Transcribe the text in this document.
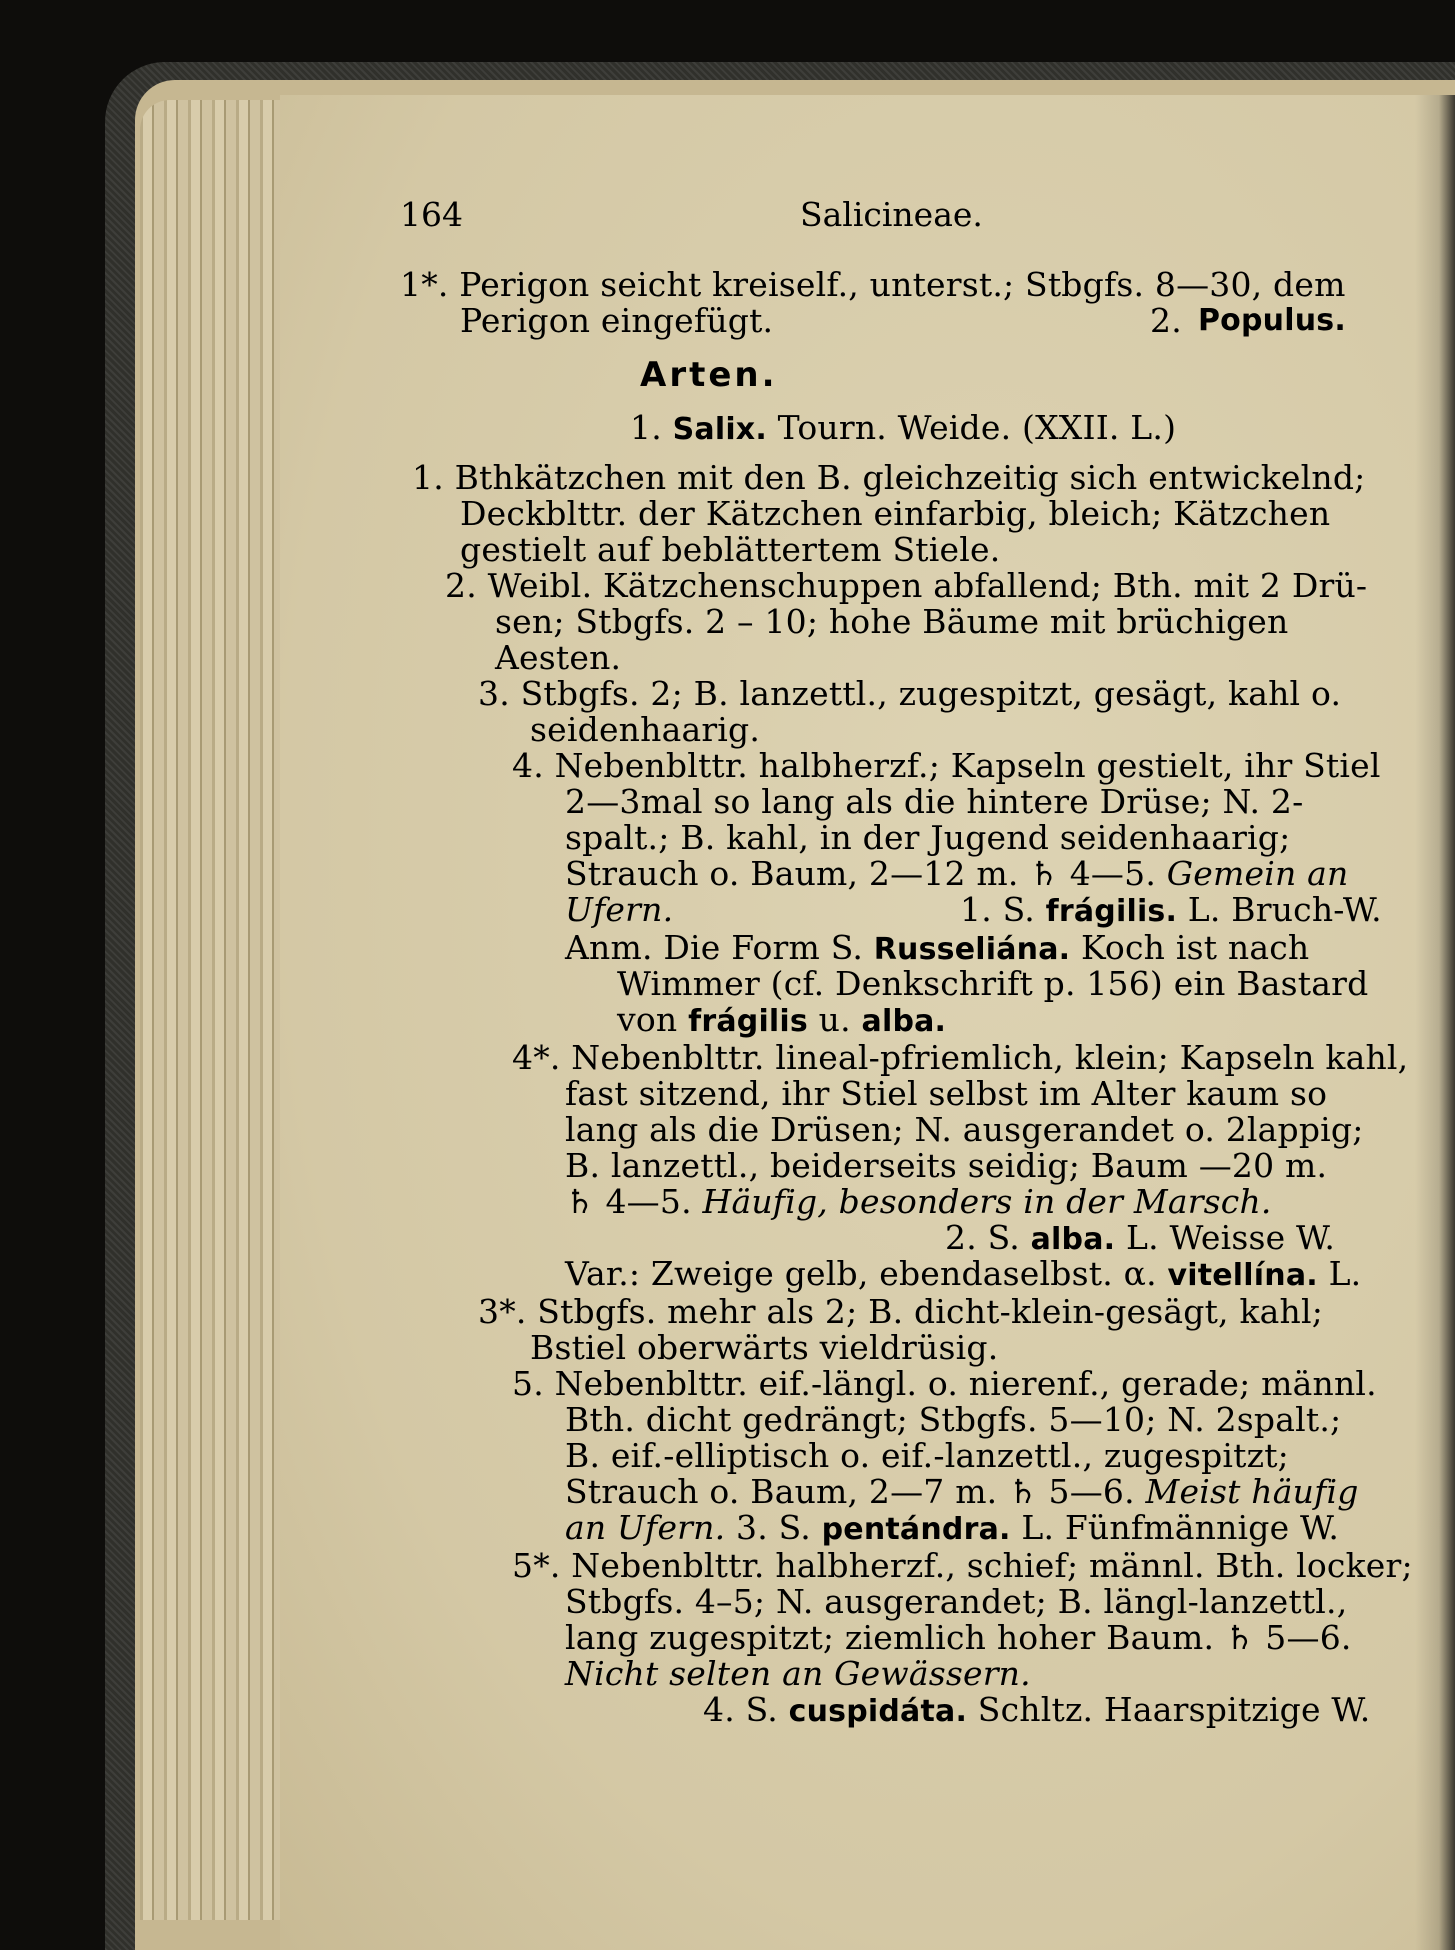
164	Salicineae.
1*. Perigon seicht kreiself., unterst.; Stbgfs. 8—30, dem
Perigon eingefügt.	2. Populus.
Arten.
1. Salix. Tourn. Weide. (XXII. L.)
1. Bthkätzchen mit den B. gleichzeitig sich entwickelnd;
Deckblttr. der Kätzchen einfarbig, bleich; Kätzchen
gestielt auf beblättertem Stiele.
2. Weibl. Kätzchenschuppen abfallend; Bth. mit 2 Drü-
sen; Stbgfs. 2 – 10; hohe Bäume mit brüchigen
Aesten.
3. Stbgfs. 2; B. lanzettl., zugespitzt, gesägt, kahl o.
seidenhaarig.
4. Nebenblttr. halbherzf.; Kapseln gestielt, ihr Stiel
2—3mal so lang als die hintere Drüse; N. 2-
spalt.; B. kahl, in der Jugend seidenhaarig;
Strauch o. Baum, 2—12 m. ♄ 4—5. Gemein an
Ufern.	1. S. frágilis. L. Bruch-W.
Anm. Die Form S. Russeliána. Koch ist nach
Wimmer (cf. Denkschrift p. 156) ein Bastard
von frágilis u. alba.
4*. Nebenblttr. lineal-pfriemlich, klein; Kapseln kahl,
fast sitzend, ihr Stiel selbst im Alter kaum so
lang als die Drüsen; N. ausgerandet o. 2lappig;
B. lanzettl., beiderseits seidig; Baum —20 m.
♄ 4—5. Häufig, besonders in der Marsch.
2. S. alba. L. Weisse W.
Var.: Zweige gelb, ebendaselbst. α. vitellína. L.
3*. Stbgfs. mehr als 2; B. dicht-klein-gesägt, kahl;
Bstiel oberwärts vieldrüsig.
5. Nebenblttr. eif.-längl. o. nierenf., gerade; männl.
Bth. dicht gedrängt; Stbgfs. 5—10; N. 2spalt.;
B. eif.-elliptisch o. eif.-lanzettl., zugespitzt;
Strauch o. Baum, 2—7 m. ♄ 5—6. Meist häufig
an Ufern. 3. S. pentándra. L. Fünfmännige W.
5*. Nebenblttr. halbherzf., schief; männl. Bth. locker;
Stbgfs. 4–5; N. ausgerandet; B. längl-lanzettl.,
lang zugespitzt; ziemlich hoher Baum. ♄ 5—6.
Nicht selten an Gewässern.
4. S. cuspidáta. Schltz. Haarspitzige W.
